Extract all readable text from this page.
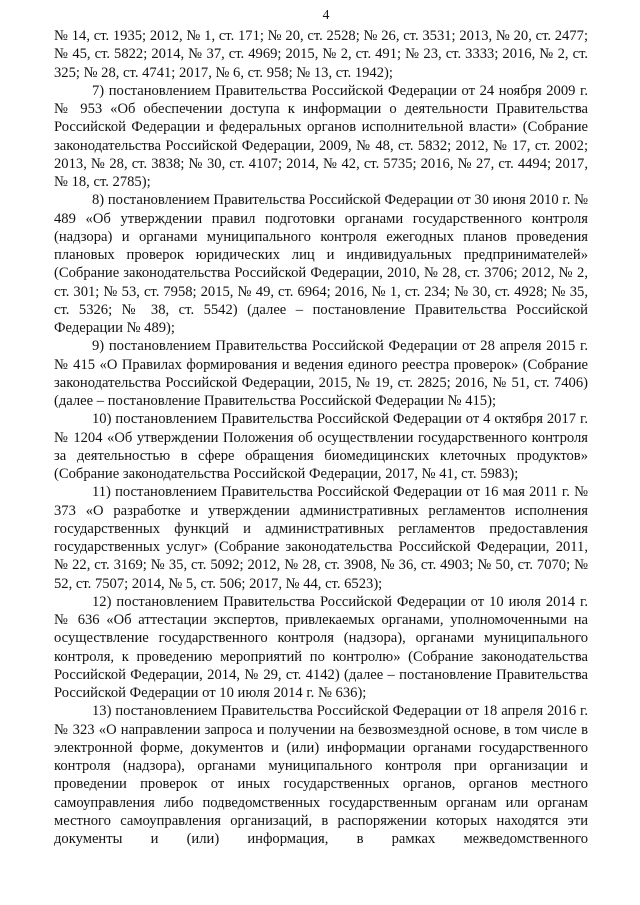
4

№ 14, ст. 1935; 2012, № 1, ст. 171; № 20, ст. 2528; № 26, ст. 3531; 2013, № 20, ст. 2477; № 45, ст. 5822; 2014, № 37, ст. 4969; 2015, № 2, ст. 491; № 23, ст. 3333; 2016, № 2, ст. 325; № 28, ст. 4741; 2017, № 6, ст. 958; № 13, ст. 1942);

7) постановлением Правительства Российской Федерации от 24 ноября 2009 г. № 953 «Об обеспечении доступа к информации о деятельности Правительства Российской Федерации и федеральных органов исполнительной власти» (Собрание законодательства Российской Федерации, 2009, № 48, ст. 5832; 2012, № 17, ст. 2002; 2013, № 28, ст. 3838; № 30, ст. 4107; 2014, № 42, ст. 5735; 2016, № 27, ст. 4494; 2017, № 18, ст. 2785);

8) постановлением Правительства Российской Федерации от 30 июня 2010 г. № 489 «Об утверждении правил подготовки органами государственного контроля (надзора) и органами муниципального контроля ежегодных планов проведения плановых проверок юридических лиц и индивидуальных предпринимателей» (Собрание законодательства Российской Федерации, 2010, № 28, ст. 3706; 2012, № 2, ст. 301; № 53, ст. 7958; 2015, № 49, ст. 6964; 2016, № 1, ст. 234; № 30, ст. 4928; № 35, ст. 5326; № 38, ст. 5542) (далее – постановление Правительства Российской Федерации № 489);

9) постановлением Правительства Российской Федерации от 28 апреля 2015 г. № 415 «О Правилах формирования и ведения единого реестра проверок» (Собрание законодательства Российской Федерации, 2015, № 19, ст. 2825; 2016, № 51, ст. 7406) (далее – постановление Правительства Российской Федерации № 415);

10) постановлением Правительства Российской Федерации от 4 октября 2017 г. № 1204 «Об утверждении Положения об осуществлении государственного контроля за деятельностью в сфере обращения биомедицинских клеточных продуктов» (Собрание законодательства Российской Федерации, 2017, № 41, ст. 5983);

11) постановлением Правительства Российской Федерации от 16 мая 2011 г. № 373 «О разработке и утверждении административных регламентов исполнения государственных функций и административных регламентов предоставления государственных услуг» (Собрание законодательства Российской Федерации, 2011, № 22, ст. 3169; № 35, ст. 5092; 2012, № 28, ст. 3908, № 36, ст. 4903; № 50, ст. 7070; № 52, ст. 7507; 2014, № 5, ст. 506; 2017, № 44, ст. 6523);

12) постановлением Правительства Российской Федерации от 10 июля 2014 г. № 636 «Об аттестации экспертов, привлекаемых органами, уполномоченными на осуществление государственного контроля (надзора), органами муниципального контроля, к проведению мероприятий по контролю» (Собрание законодательства Российской Федерации, 2014, № 29, ст. 4142) (далее – постановление Правительства Российской Федерации от 10 июля 2014 г. № 636);

13) постановлением Правительства Российской Федерации от 18 апреля 2016 г. № 323 «О направлении запроса и получении на безвозмездной основе, в том числе в электронной форме, документов и (или) информации органами государственного контроля (надзора), органами муниципального контроля при организации и проведении проверок от иных государственных органов, органов местного самоуправления либо подведомственных государственным органам или органам местного самоуправления организаций, в распоряжении которых находятся эти документы и (или) информация, в рамках межведомственного
